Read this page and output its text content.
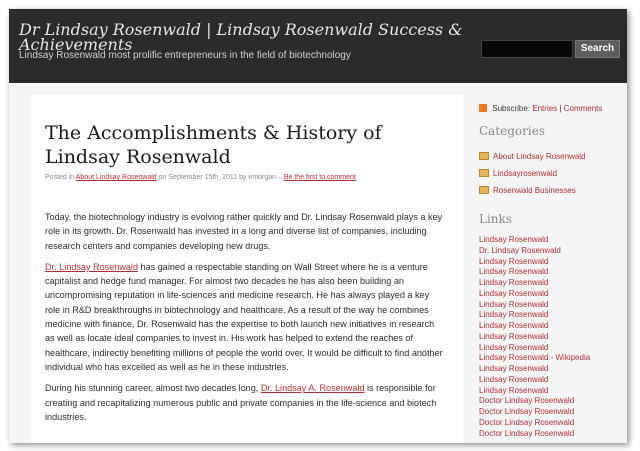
Dr Lindsay Rosenwald | Lindsay Rosenwald Success & Achievements
Lindsay Rosenwald most prolific entrepreneurs in the field of biotechnology
Search
The Accomplishments & History of Lindsay Rosenwald
Posted in About Lindsay Rosenwald on September 15th, 2011 by emorgan – Be the first to comment

Today, the biotechnology industry is evolving rather quickly and Dr. Lindsay Rosenwald plays a key role in its growth. Dr. Rosenwald has invested in a long and diverse list of companies, including research centers and companies developing new drugs.

Dr. Lindsay Rosenwald has gained a respectable standing on Wall Street where he is a venture capitalist and hedge fund manager. For almost two decades he has also been building an uncompromising reputation in life-sciences and medicine research. He has always played a key role in R&D breakthroughs in biotechnology and healthcare. As a result of the way he combines medicine with finance, Dr. Rosenwald has the expertise to both launch new initiatives in research as well as locate ideal companies to invest in. His work has helped to extend the reaches of healthcare, indirectly benefiting millions of people the world over. It would be difficult to find another individual who has excelled as well as he in these industries.

During his stunning career, almost two decades long, Dr. Lindsay A. Rosenwald is responsible for creating and recapitalizing numerous public and private companies in the life-science and biotech industries.

Subscribe: Entries | Comments
Categories
About Lindsay Rosenwald
Lindsayrosenwald
Rosenwald Businesses
Links
Lindsay Rosenwald
Dr. Lindsay Rosenwald
Lindsay Rosenwald
Lindsay Rosenwald
Lindsay Rosenwald
Lindsay Rosenwald
Lindsay Rosenwald
Lindsay Rosenwald
Lindsay Rosenwald
Lindsay Rosenwald
Lindsay Rosenwald
Lindsay Rosenwald - Wikipedia
Lindsay Rosenwald
Lindsay Rosenwald
Lindsay Rosenwald
Doctor Lindsay Rosenwald
Doctor Lindsay Rosenwald
Doctor Lindsay Rosenwald
Doctor Lindsay Rosenwald
